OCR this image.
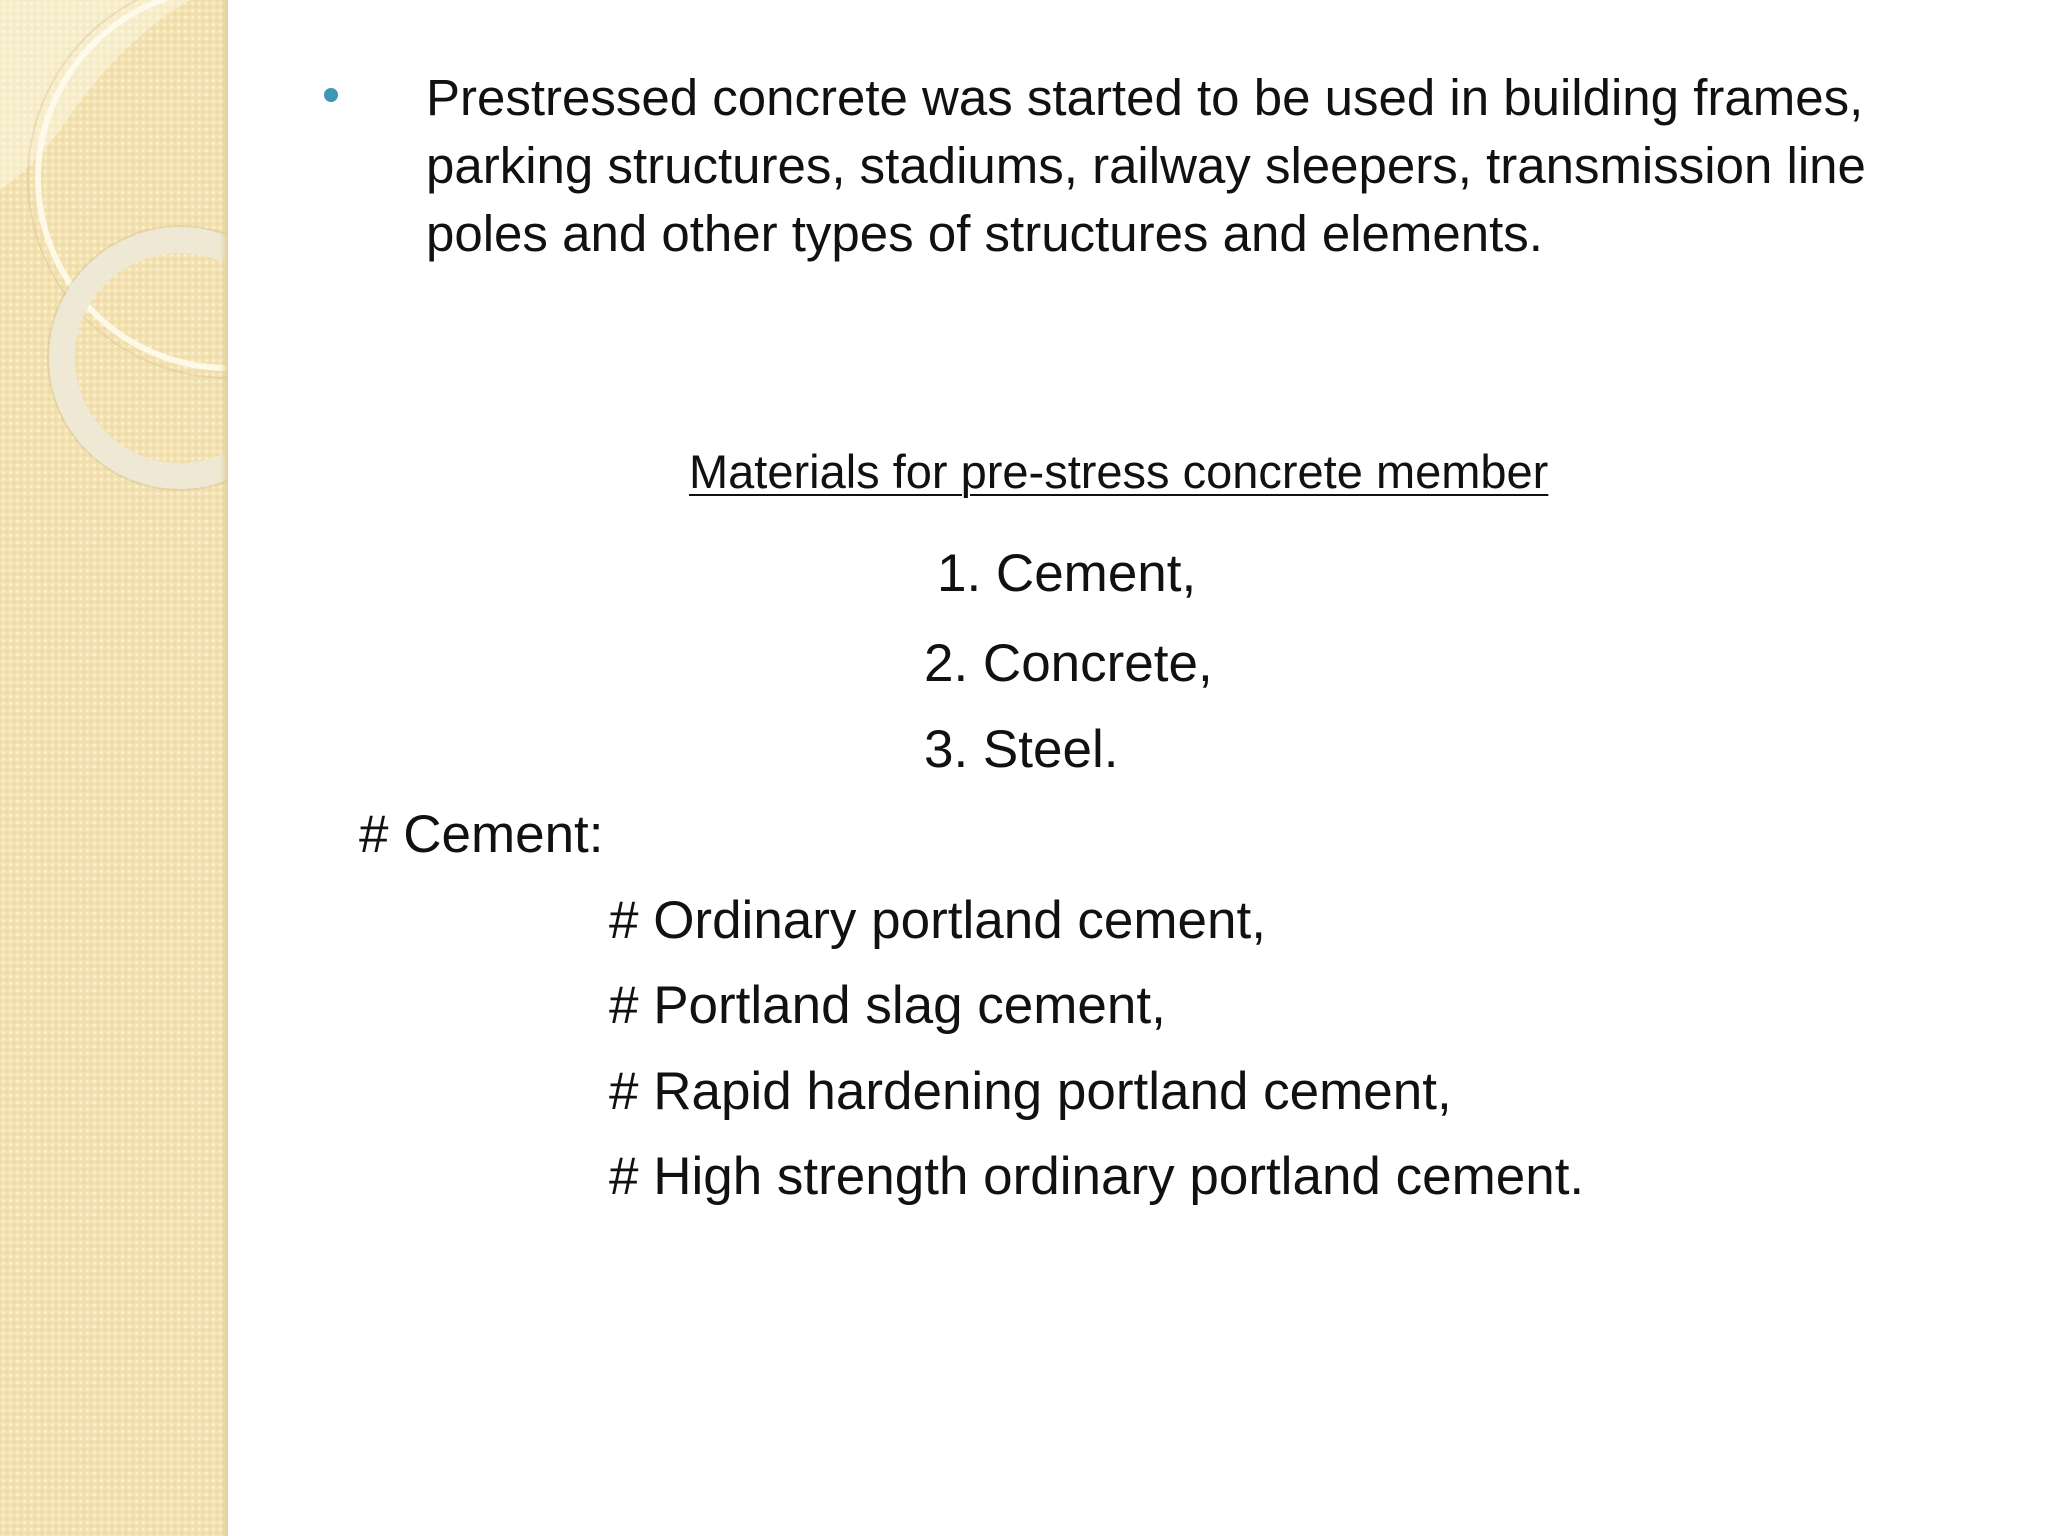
Prestressed concrete was started to be used in building frames, parking structures, stadiums, railway sleepers, transmission line poles and other types of structures and elements.

Materials for pre-stress concrete member

1. Cement,

2. Concrete,

3. Steel.

# Cement:

# Ordinary portland cement,

# Portland slag cement,

# Rapid hardening portland cement,

# High strength ordinary portland cement.
